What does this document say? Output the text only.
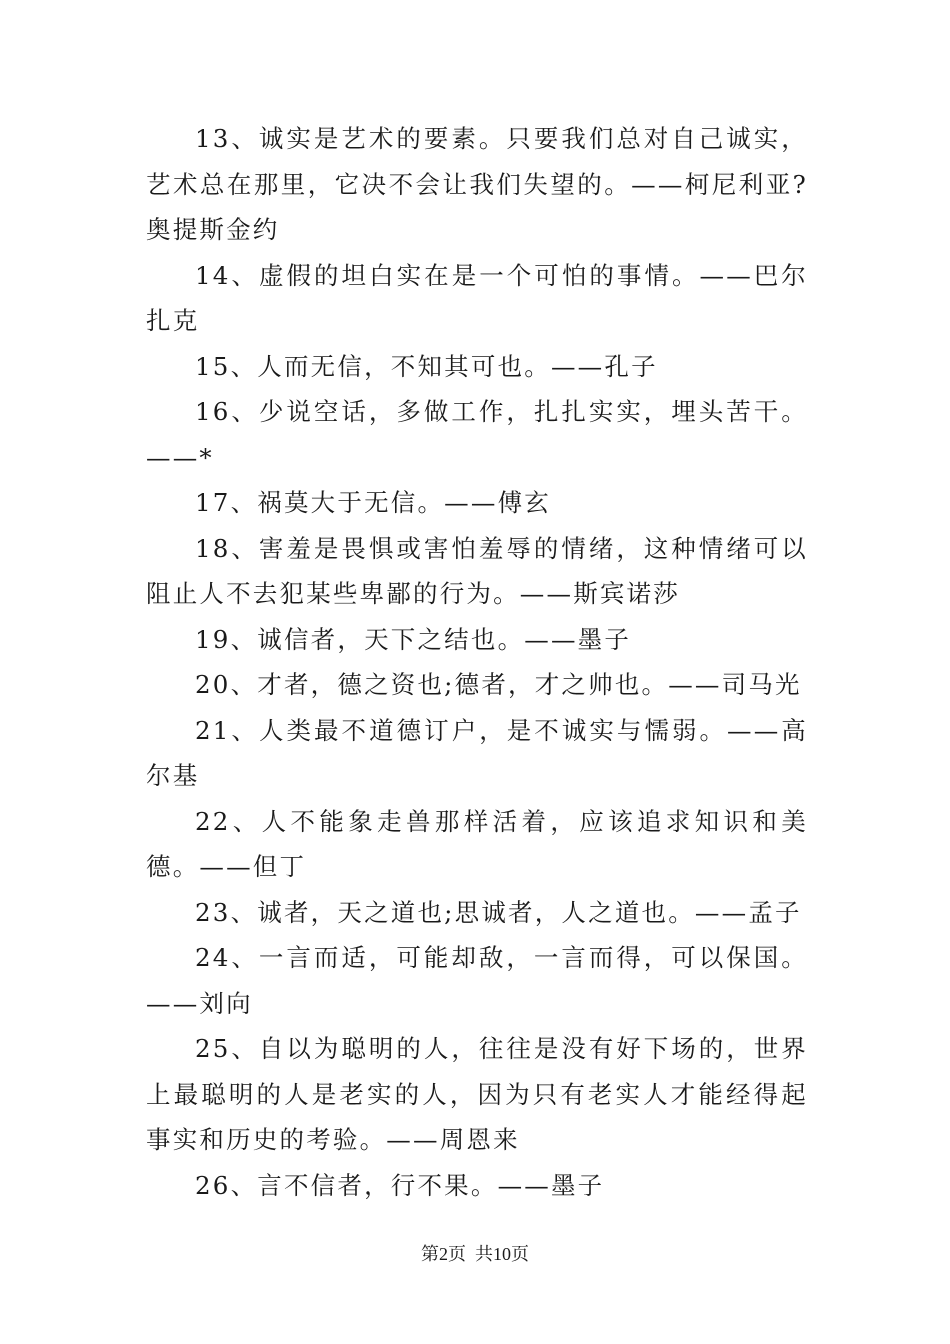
13、诚实是艺术的要素。只要我们总对自己诚实，艺术总在那里，它决不会让我们失望的。——柯尼利亚?奥提斯金约

14、虚假的坦白实在是一个可怕的事情。——巴尔扎克

15、人而无信，不知其可也。——孔子

16、少说空话，多做工作，扎扎实实，埋头苦干。——*

17、祸莫大于无信。——傅玄

18、害羞是畏惧或害怕羞辱的情绪，这种情绪可以阻止人不去犯某些卑鄙的行为。——斯宾诺莎

19、诚信者，天下之结也。——墨子

20、才者，德之资也;德者，才之帅也。——司马光

21、人类最不道德订户，是不诚实与懦弱。——高尔基

22、人不能象走兽那样活着，应该追求知识和美德。——但丁

23、诚者，天之道也;思诚者，人之道也。——孟子

24、一言而适，可能却敌，一言而得，可以保国。——刘向

25、自以为聪明的人，往往是没有好下场的，世界上最聪明的人是老实的人，因为只有老实人才能经得起事实和历史的考验。——周恩来

26、言不信者，行不果。——墨子

第2页  共10页
